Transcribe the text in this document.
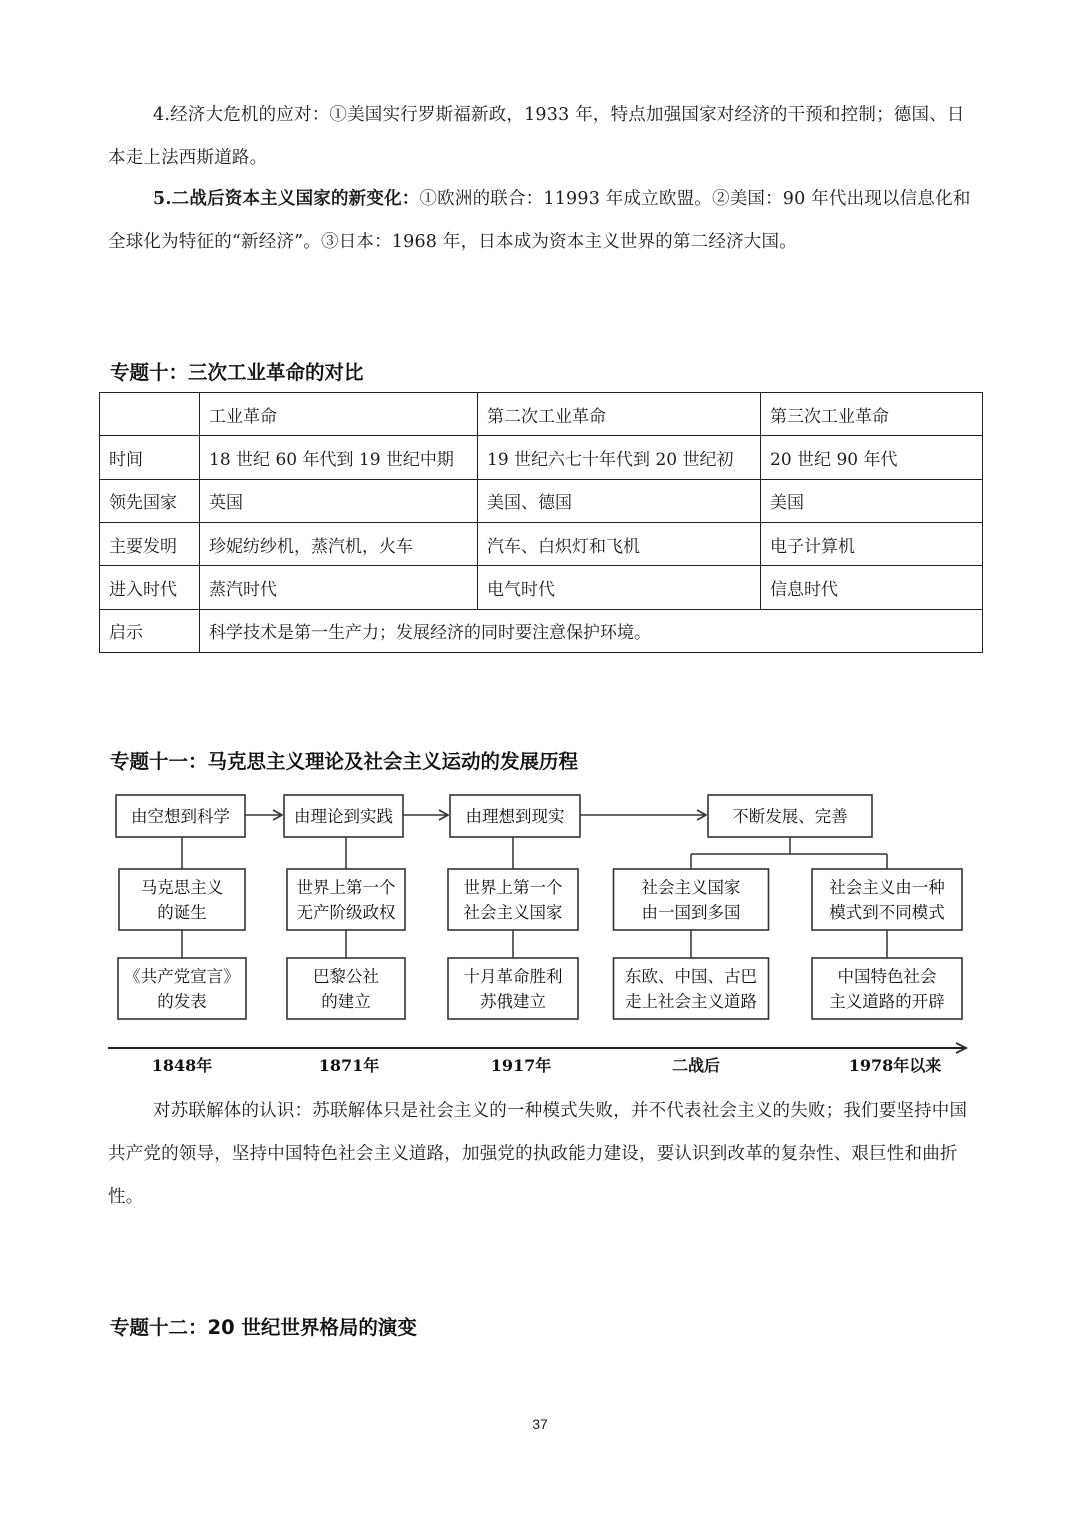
4.经济大危机的应对：①美国实行罗斯福新政，1933 年，特点加强国家对经济的干预和控制；德国、日本走上法西斯道路。
5.二战后资本主义国家的新变化：①欧洲的联合：11993 年成立欧盟。②美国：90 年代出现以信息化和全球化为特征的“新经济”。③日本：1968 年，日本成为资本主义世界的第二经济大国。
专题十：三次工业革命的对比
	工业革命	第二次工业革命	第三次工业革命
时间	18 世纪 60 年代到 19 世纪中期	19 世纪六七十年代到 20 世纪初	20 世纪 90 年代
领先国家	英国	美国、德国	美国
主要发明	珍妮纺纱机，蒸汽机，火车	汽车、白炽灯和飞机	电子计算机
进入时代	蒸汽时代	电气时代	信息时代
启示	科学技术是第一生产力；发展经济的同时要注意保护环境。		
专题十一：马克思主义理论及社会主义运动的发展历程
由空想到科学	由理论到实践	由理想到现实	不断发展、完善
马克思主义
的诞生
《共产党宣言》
的发表
世界上第一个
无产阶级政权
巴黎公社
的建立
世界上第一个
社会主义国家
十月革命胜利
苏俄建立
社会主义国家
由一国到多国
东欧、中国、古巴
走上社会主义道路
社会主义由一种
模式到不同模式
中国特色社会
主义道路的开辟
1848年	1871年	1917年	二战后	1978年以来
对苏联解体的认识：苏联解体只是社会主义的一种模式失败，并不代表社会主义的失败；我们要坚持中国共产党的领导，坚持中国特色社会主义道路，加强党的执政能力建设，要认识到改革的复杂性、艰巨性和曲折性。
专题十二：20 世纪世界格局的演变
37
